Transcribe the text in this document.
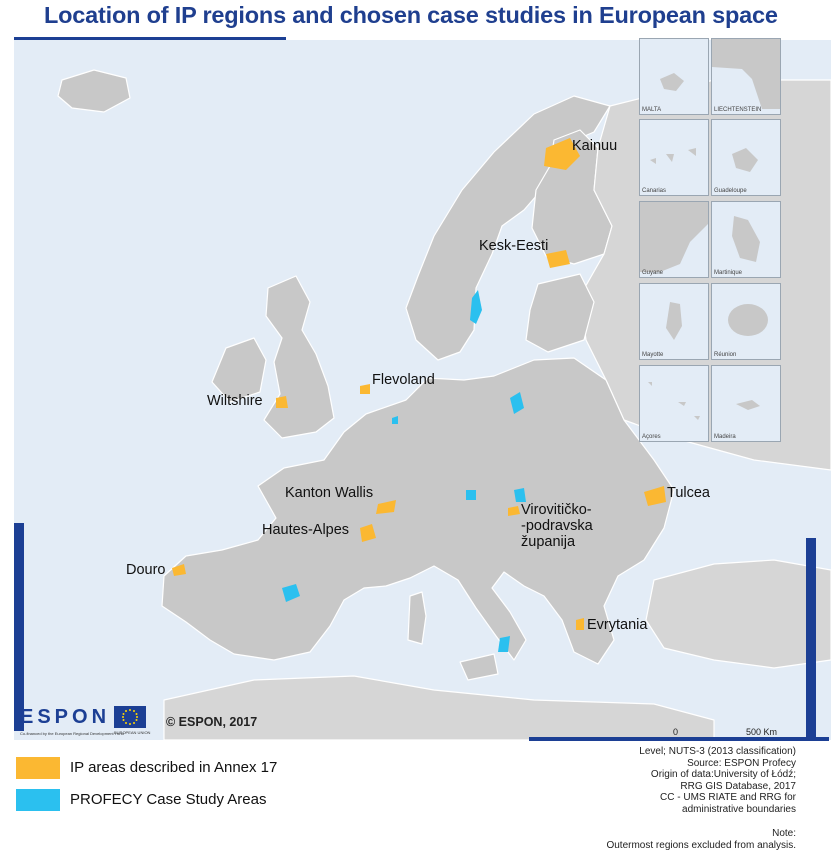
Location of IP regions and chosen case studies in European space
Kainuu
Kesk-Eesti
Flevoland
Wiltshire
Kanton Wallis
Hautes-Alpes
Douro
Tulcea
Virovitičko-
-podravska
županija
Evrytania
0	500 Km
MALTA	LIECHTENSTEIN
Canarias	Guadeloupe
Guyane	Martinique
Mayotte	Réunion
Açores	Madeira
ESPON
Co-financed by the European Regional Development Fund
EUROPEAN UNION
© ESPON, 2017
IP areas described in Annex 17
PROFECY Case Study Areas
Level; NUTS-3 (2013 classification)
Source: ESPON Profecy
Origin of data:University of Łódź;
RRG GIS Database, 2017
CC - UMS RIATE and RRG for
administrative boundaries
Note:
Outermost regions excluded from analysis.
